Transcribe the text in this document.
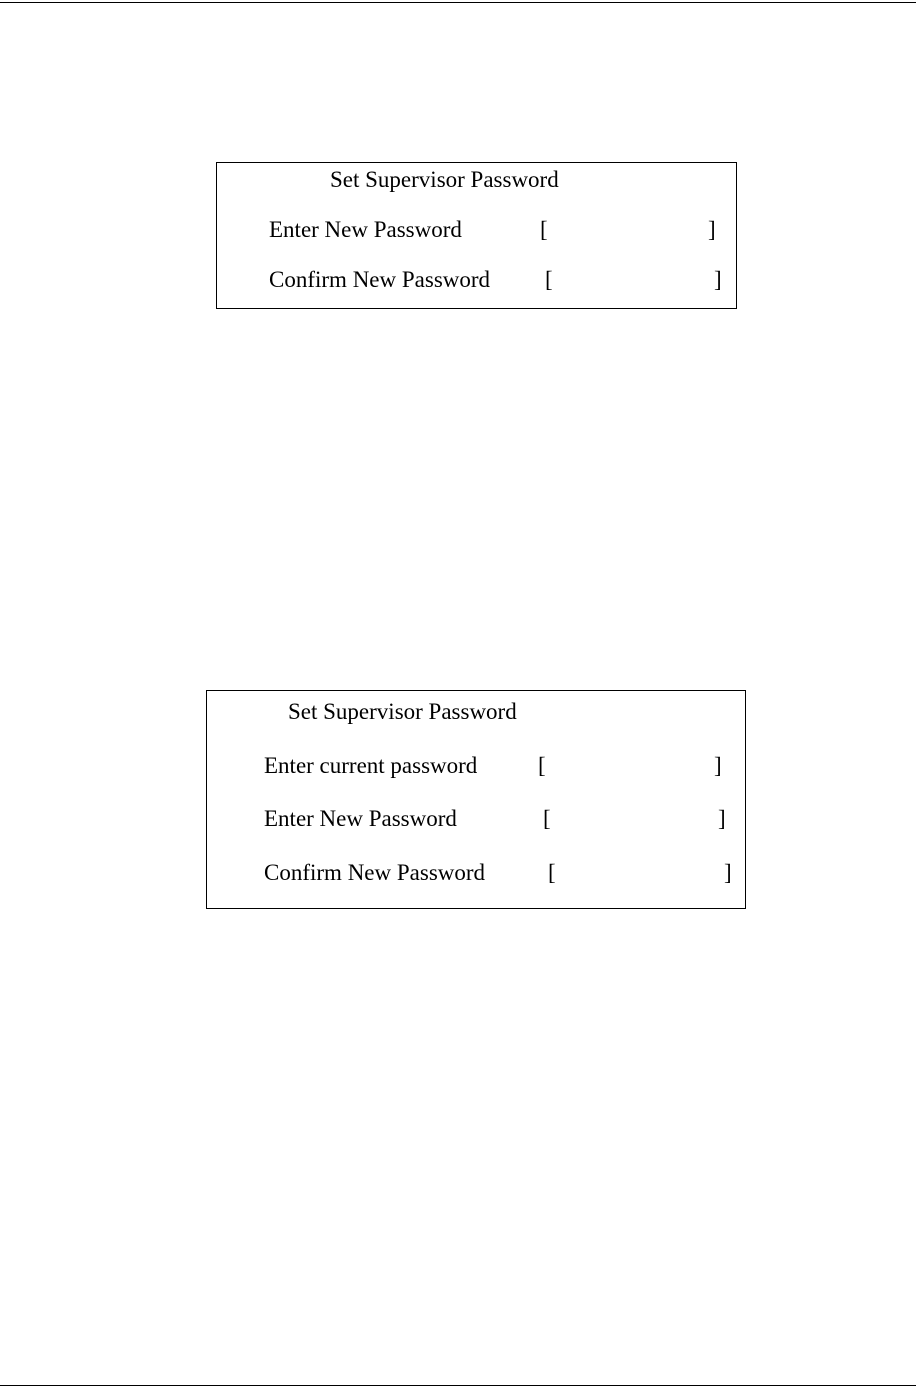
Set Supervisor Password
Enter New Password	[	]
Confirm New Password [	]
Set Supervisor Password
Enter current password	[	]
Enter New Password	[	]
Confirm New Password	[	]
